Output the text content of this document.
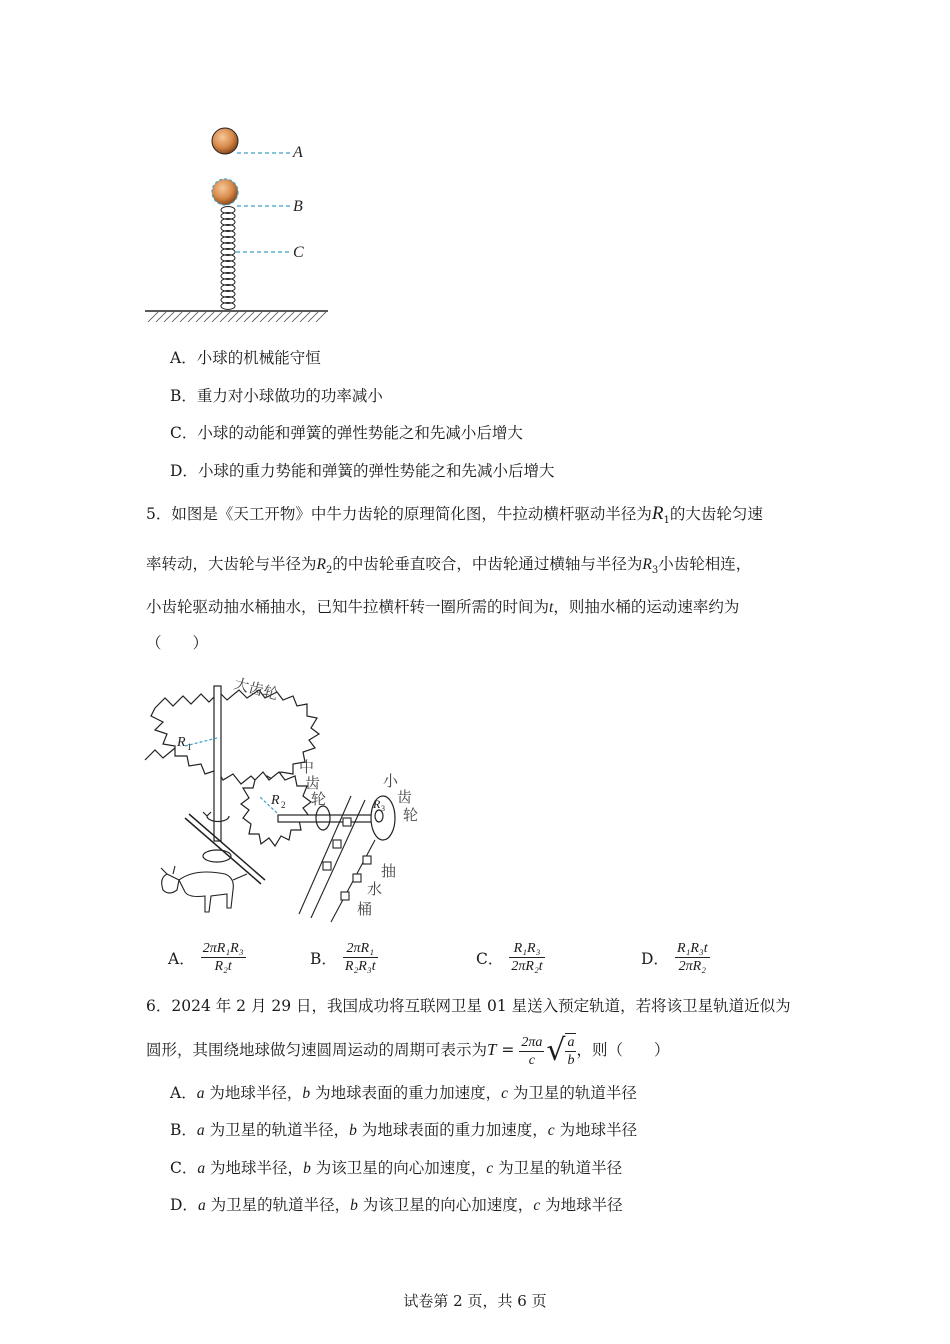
A
B
C
A．小球的机械能守恒
B．重力对小球做功的功率减小
C．小球的动能和弹簧的弹性势能之和先减小后增大
D．小球的重力势能和弹簧的弹性势能之和先减小后增大
5．如图是《天工开物》中牛力齿轮的原理简化图，牛拉动横杆驱动半径为$R_1$的大齿轮匀速
率转动，大齿轮与半径为$R_2$的中齿轮垂直咬合，中齿轮通过横轴与半径为$R_3$小齿轮相连，
小齿轮驱动抽水桶抽水，已知牛拉横杆转一圈所需的时间为t，则抽水桶的运动速率约为
（　　）
大齿轮
R 1
R 2
中
齿
轮	R 3
小
齿
轮
抽
水
桶
A． $\frac{\text{2πR₁R₃}}{\text{R₂t}}$	B． $\frac{\text{2πR₁}}{\text{R₂R₃t}}$	C． $\frac{\text{R₁R₃}}{\text{2πR₂t}}$	D． $\frac{\text{R₁R₃t}}{\text{2πR₂}}$
6．2024 年 2 月 29 日，我国成功将互联网卫星 01 星送入预定轨道，若将该卫星轨道近似为
圆形，其围绕地球做匀速圆周运动的周期可表示为$T = \frac{2\pi a}{c}$ √ $\frac{a}{b}$ ，则（　　）
A．a 为地球半径，b 为地球表面的重力加速度，c 为卫星的轨道半径
B．a 为卫星的轨道半径，b 为地球表面的重力加速度，c 为地球半径
C．a 为地球半径，b 为该卫星的向心加速度，c 为卫星的轨道半径
D．a 为卫星的轨道半径，b 为该卫星的向心加速度，c 为地球半径
试卷第 2 页，共 6 页
